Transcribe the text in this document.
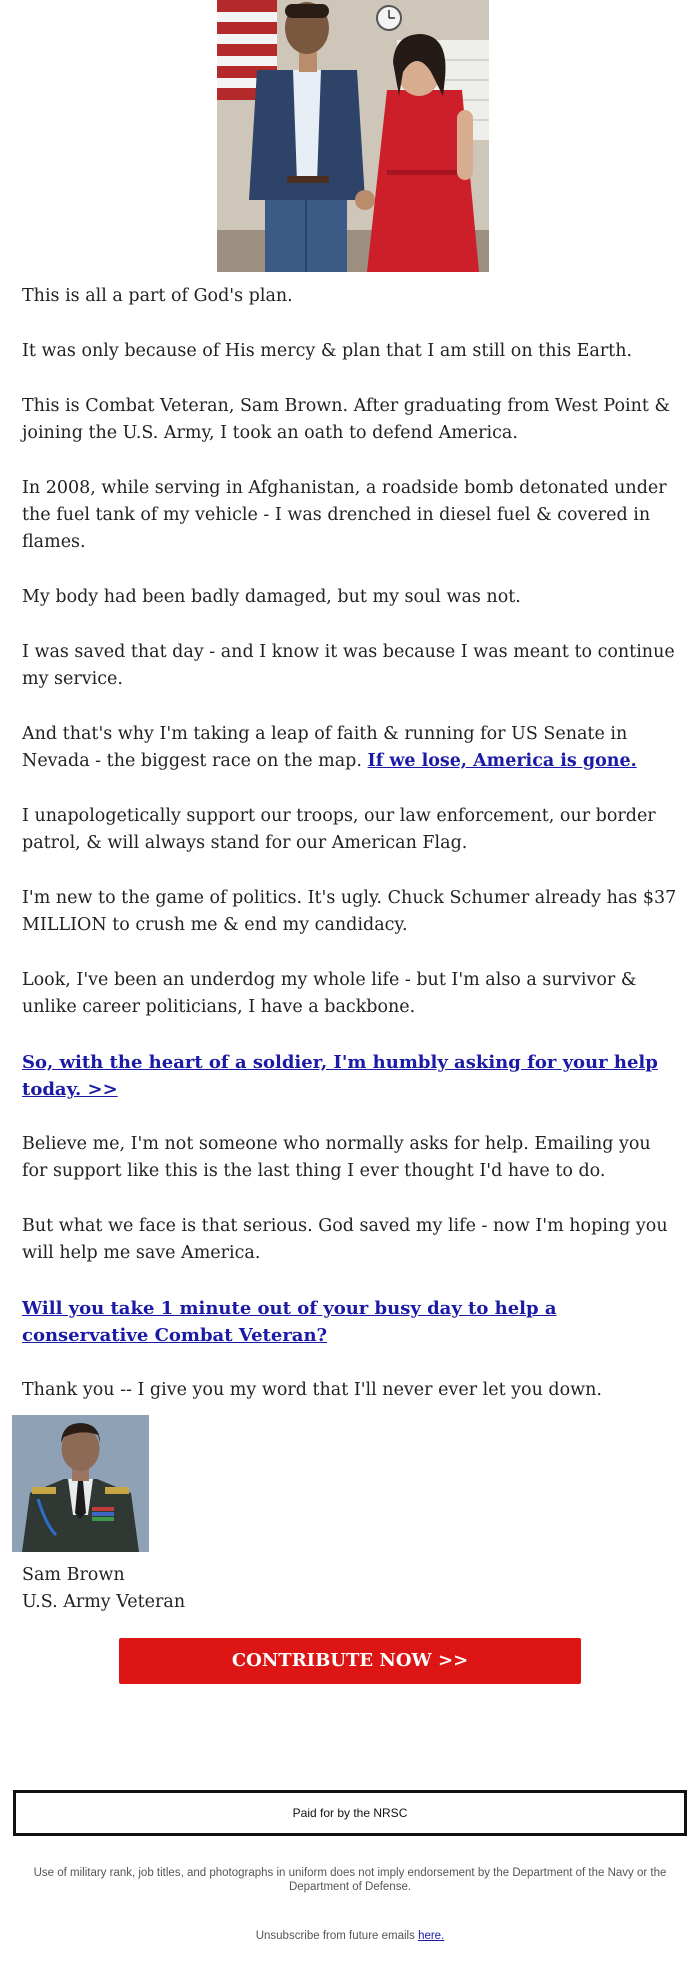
This is all a part of God's plan.

It was only because of His mercy & plan that I am still on this Earth.

This is Combat Veteran, Sam Brown. After graduating from West Point & joining the U.S. Army, I took an oath to defend America.

In 2008, while serving in Afghanistan, a roadside bomb detonated under the fuel tank of my vehicle - I was drenched in diesel fuel & covered in flames.

My body had been badly damaged, but my soul was not.

I was saved that day - and I know it was because I was meant to continue my service.

And that's why I'm taking a leap of faith & running for US Senate in Nevada - the biggest race on the map. If we lose, America is gone.

I unapologetically support our troops, our law enforcement, our border patrol, & will always stand for our American Flag.

I'm new to the game of politics. It's ugly. Chuck Schumer already has $37 MILLION to crush me & end my candidacy.

Look, I've been an underdog my whole life - but I'm also a survivor & unlike career politicians, I have a backbone.

So, with the heart of a soldier, I'm humbly asking for your help today. >>

Believe me, I'm not someone who normally asks for help. Emailing you for support like this is the last thing I ever thought I'd have to do.

But what we face is that serious. God saved my life - now I'm hoping you will help me save America.

Will you take 1 minute out of your busy day to help a conservative Combat Veteran?

Thank you -- I give you my word that I'll never ever let you down.

Sam Brown
U.S. Army Veteran
CONTRIBUTE NOW >>
Paid for by the NRSC
Use of military rank, job titles, and photographs in uniform does not imply endorsement by the Department of the Navy or the Department of Defense.
Unsubscribe from future emails here.
